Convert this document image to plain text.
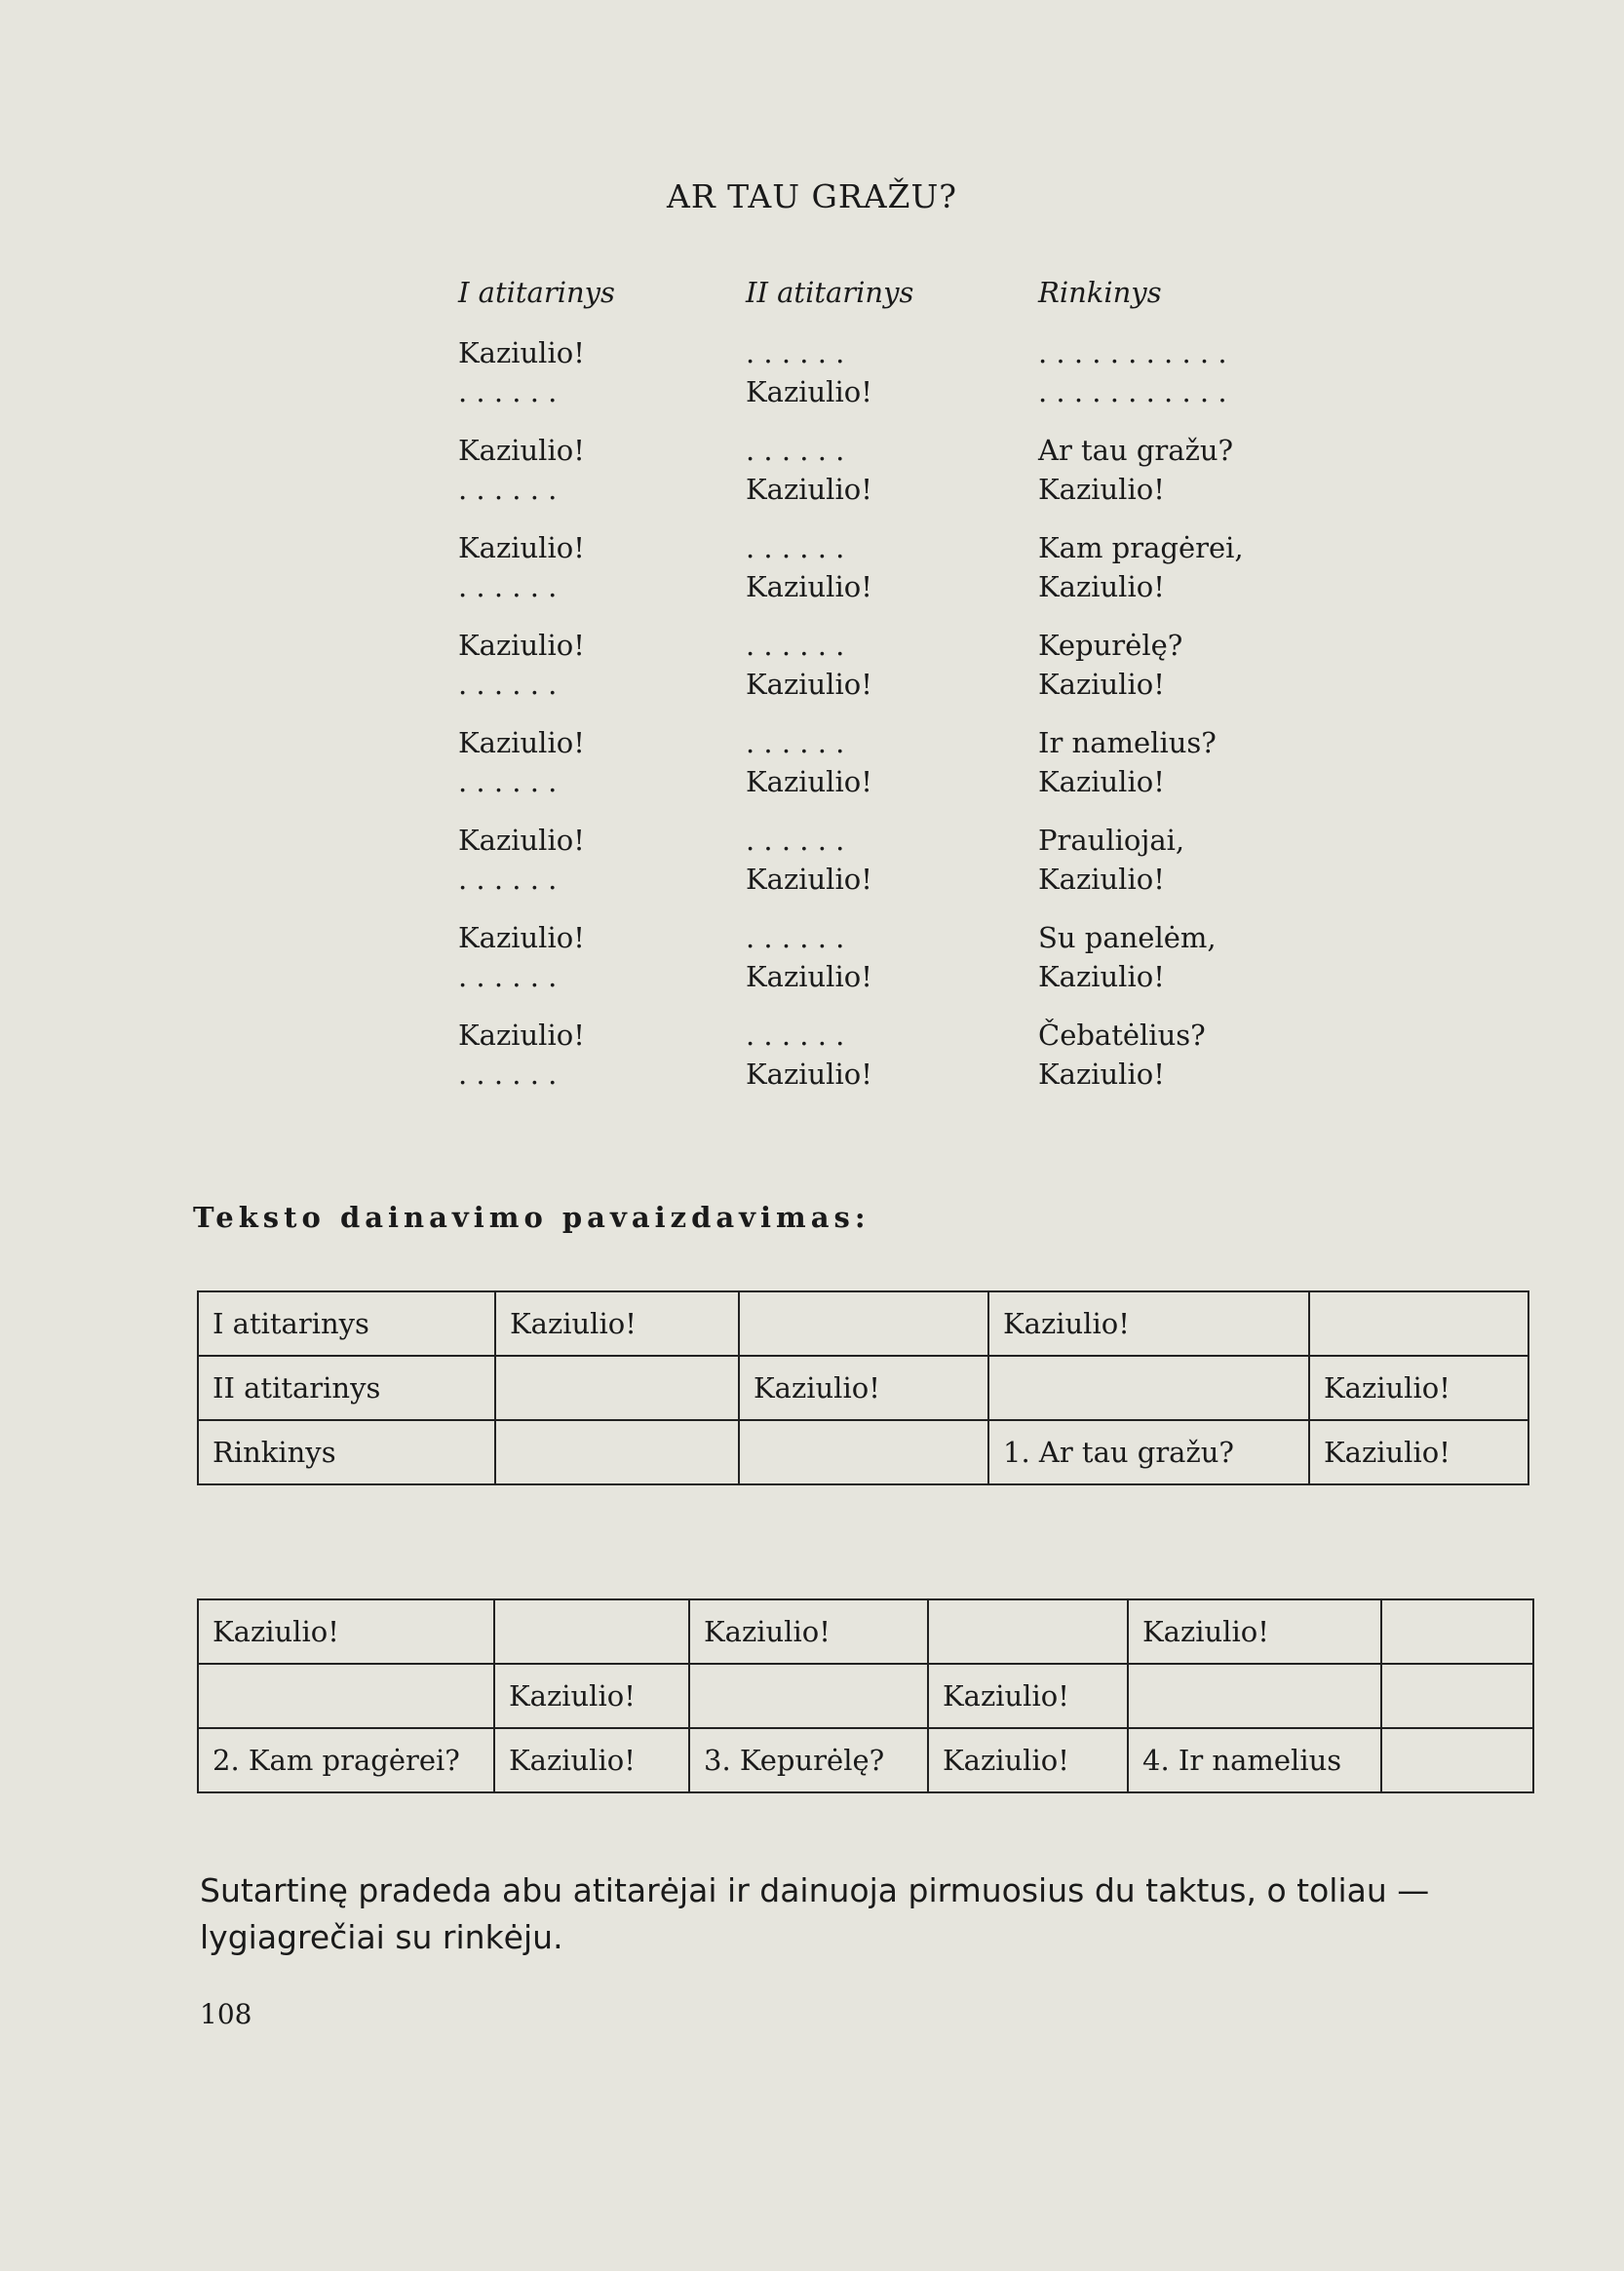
AR TAU GRAŽU?
I atitarinys	II atitarinys	Rinkinys
Kaziulio!	. . . . . .	. . . . . . . . . . .
. . . . . .	Kaziulio!	. . . . . . . . . . .
Kaziulio!	. . . . . .	Ar tau gražu?
. . . . . .	Kaziulio!	Kaziulio!
Kaziulio!	. . . . . .	Kam pragėrei,
. . . . . .	Kaziulio!	Kaziulio!
Kaziulio!	. . . . . .	Kepurėlę?
. . . . . .	Kaziulio!	Kaziulio!
Kaziulio!	. . . . . .	Ir namelius?
. . . . . .	Kaziulio!	Kaziulio!
Kaziulio!	. . . . . .	Prauliojai,
. . . . . .	Kaziulio!	Kaziulio!
Kaziulio!	. . . . . .	Su panelėm,
. . . . . .	Kaziulio!	Kaziulio!
Kaziulio!	. . . . . .	Čebatėlius?
. . . . . .	Kaziulio!	Kaziulio!
Teksto dainavimo pavaizdavimas:
I atitarinys	Kaziulio!		Kaziulio!	
II atitarinys		Kaziulio!		Kaziulio!
Rinkinys			1. Ar tau gražu?	Kaziulio!
Kaziulio!		Kaziulio!		Kaziulio!	
	Kaziulio!		Kaziulio!		
2. Kam pragėrei?	Kaziulio!	3. Kepurėlę?	Kaziulio!	4. Ir namelius	
Sutartinę pradeda abu atitarėjai ir dainuoja pirmuosius du taktus, o toliau — lygiagrečiai su rinkėju.
108
